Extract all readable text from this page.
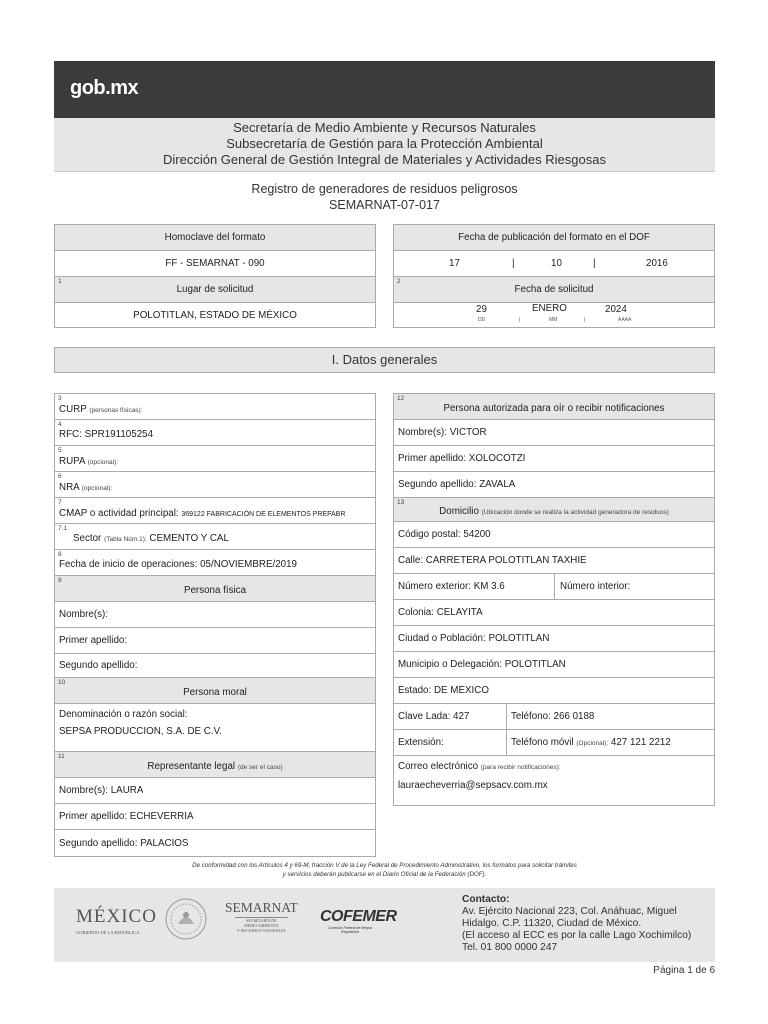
gob.mx
Secretaría de Medio Ambiente y Recursos Naturales
Subsecretaría de Gestión para la Protección Ambiental
Dirección General de Gestión Integral de Materiales y Actividades Riesgosas
Registro de generadores de residuos peligrosos
SEMARNAT-07-017
Homoclave del formato
FF - SEMARNAT - 090
1
Lugar de solicitud
POLOTITLAN, ESTADO DE MÉXICO
Fecha de publicación del formato en el DOF
17	|	10	|	2016
2
Fecha de solicitud
29
DD	|
ENERO
MM	|
2024
AAAA
I. Datos generales
3
CURP (personas físicas):
4
RFC: SPR191105254
5
RUPA (opcional):
6
NRA (opcional):
7
CMAP o actividad principal: 369122 FABRICACIÓN DE ELEMENTOS PREFABR
7.1
Sector (Tabla Núm.1): CEMENTO Y CAL
8
Fecha de inicio de operaciones: 05/NOVIEMBRE/2019
9
Persona física
Nombre(s):
Primer apellido:
Segundo apellido:
10
Persona moral
Denominación o razón social:
SEPSA PRODUCCION, S.A. DE C.V.
11
Representante legal (de ser el caso)
Nombre(s): LAURA
Primer apellido: ECHEVERRÍA
Segundo apellido: PALACIOS
12
Persona autorizada para oír o recibir notificaciones
Nombre(s): VICTOR
Primer apellido: XOLOCOTZI
Segundo apellido: ZAVALA
13
Domicilio (Ubicación donde se realiza la actividad generadora de residuos)
Código postal: 54200
Calle: CARRETERA POLOTITLAN TAXHIE
Número exterior: KM 3.6	Número interior:
Colonia: CELAYITA
Ciudad o Población: POLOTITLAN
Municipio o Delegación: POLOTITLAN
Estado: DE MÉXICO
Clave Lada: 427	Teléfono: 266 0188
Extensión:	Teléfono móvil (Opcional): 427 121 2212
Correo electrónico (para recibir notificaciones):
lauraecheverria@sepsacv.com.mx
De conformidad con los Artículos 4 y 69-M, fracción V de la Ley Federal de Procedimiento Administrativo, los formatos para solicitar trámites
y servicios deberán publicarse en el Diario Oficial de la Federación (DOF).
MÉXICO
GOBIERNO DE LA REPÚBLICA
SEMARNAT
SECRETARÍA DE
MEDIO AMBIENTE
Y RECURSOS NATURALES
COFEMER
Comisión Federal de Mejora Regulatoria
Contacto:
Av. Ejército Nacional 223, Col. Anáhuac, Miguel
Hidalgo. C.P. 11320, Ciudad de México.
(El acceso al ECC es por la calle Lago Xochimilco)
Tel. 01 800 0000 247
Página 1 de 6
